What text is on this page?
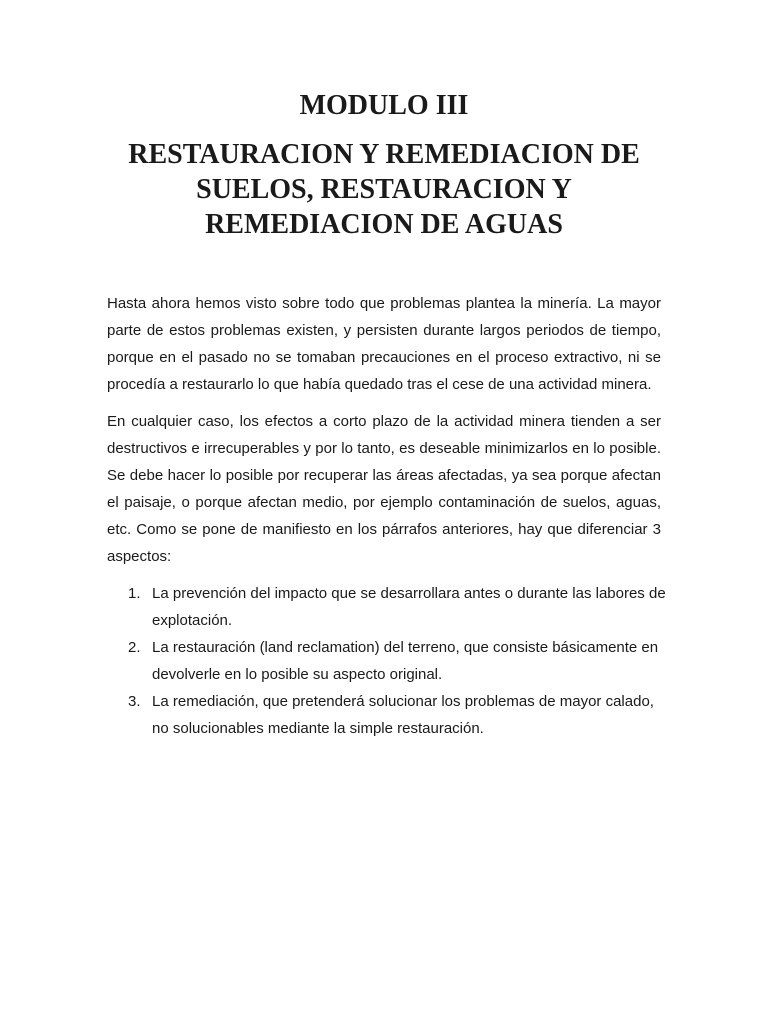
MODULO III
RESTAURACION Y REMEDIACION DE
SUELOS, RESTAURACION Y
REMEDIACION DE AGUAS

Hasta ahora hemos visto sobre todo que problemas plantea la minería. La mayor
parte de estos problemas existen, y persisten durante largos periodos de tiempo,
porque en el pasado no se tomaban precauciones en el proceso extractivo, ni se
procedía a restaurarlo lo que había quedado tras el cese de una actividad minera.

En cualquier caso, los efectos a corto plazo de la actividad minera tienden a ser
destructivos e irrecuperables y por lo tanto, es deseable minimizarlos en lo posible.
Se debe hacer lo posible por recuperar las áreas afectadas, ya sea porque afectan
el paisaje, o porque afectan medio, por ejemplo contaminación de suelos, aguas,
etc. Como se pone de manifiesto en los párrafos anteriores, hay que diferenciar 3
aspectos:

1. La prevención del impacto que se desarrollara antes o durante las labores de
explotación.
2. La restauración (land reclamation) del terreno, que consiste básicamente en
devolverle en lo posible su aspecto original.
3. La remediación, que pretenderá solucionar los problemas de mayor calado,
no solucionables mediante la simple restauración.
